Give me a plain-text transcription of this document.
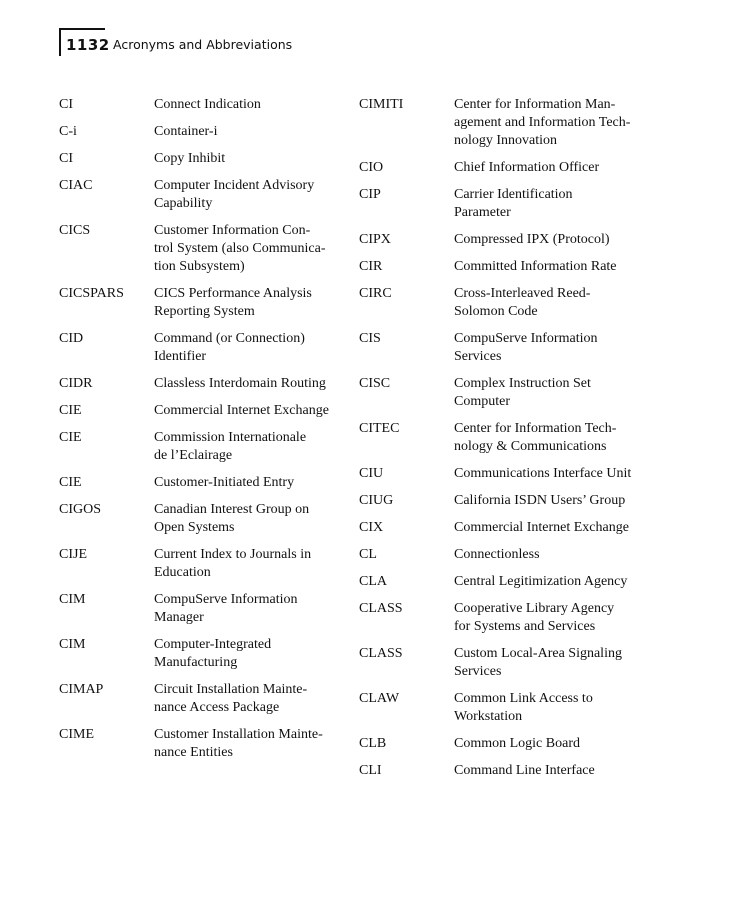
1132 Acronyms and Abbreviations
CI	Connect Indication
C-i	Container-i
CI	Copy Inhibit
CIAC	Computer Incident Advisory
Capability
CICS	Customer Information Con-
trol System (also Communica-
tion Subsystem)
CICSPARS	CICS Performance Analysis
Reporting System
CID	Command (or Connection)
Identifier
CIDR	Classless Interdomain Routing
CIE	Commercial Internet Exchange
CIE	Commission Internationale
de l’Eclairage
CIE	Customer-Initiated Entry
CIGOS	Canadian Interest Group on
Open Systems
CIJE	Current Index to Journals in
Education
CIM	CompuServe Information
Manager
CIM	Computer-Integrated
Manufacturing
CIMAP	Circuit Installation Mainte-
nance Access Package
CIME	Customer Installation Mainte-
nance Entities
CIMITI	Center for Information Man-
agement and Information Tech-
nology Innovation
CIO	Chief Information Officer
CIP	Carrier Identification
Parameter
CIPX	Compressed IPX (Protocol)
CIR	Committed Information Rate
CIRC	Cross-Interleaved Reed-
Solomon Code
CIS	CompuServe Information
Services
CISC	Complex Instruction Set
Computer
CITEC	Center for Information Tech-
nology & Communications
CIU	Communications Interface Unit
CIUG	California ISDN Users’ Group
CIX	Commercial Internet Exchange
CL	Connectionless
CLA	Central Legitimization Agency
CLASS	Cooperative Library Agency
for Systems and Services
CLASS	Custom Local-Area Signaling
Services
CLAW	Common Link Access to
Workstation
CLB	Common Logic Board
CLI	Command Line Interface
